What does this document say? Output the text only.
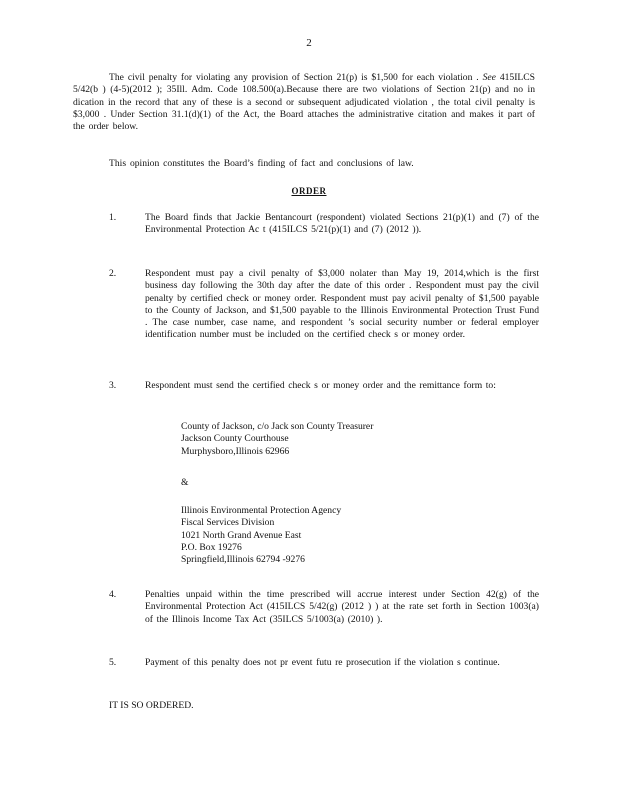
2
The civil penalty for violating any provision of Section 21(p) is $1,500 for each violation . See 415ILCS 5/42(b ) (4-5)(2012 ); 35Ill. Adm. Code 108.500(a).Because there are two violations of Section 21(p) and no in dication in the record that any of these is a second or subsequent adjudicated violation , the total civil penalty is $3,000 . Under Section 31.1(d)(1) of the Act, the Board attaches the administrative citation and makes it part of the order below.
This opinion constitutes the Board’s finding of fact and conclusions of law.
ORDER
1.	The Board finds that Jackie Bentancourt (respondent) violated Sections 21(p)(1) and (7) of the Environmental Protection Ac t (415ILCS 5/21(p)(1) and (7) (2012 )).
2.	Respondent must pay a civil penalty of $3,000 nolater than May 19, 2014,which is the first business day following the 30th day after the date of this order . Respondent must pay the civil penalty by certified check or money order. Respondent must pay acivil penalty of $1,500 payable to the County of Jackson, and $1,500 payable to the Illinois Environmental Protection Trust Fund . The case number, case name, and respondent ’s social security number or federal employer identification number must be included on the certified check s or money order.
3.	Respondent must send the certified check s or money order and the remittance form to:
County of Jackson, c/o Jack son County Treasurer
Jackson County Courthouse
Murphysboro,Illinois 62966
&
Illinois Environmental Protection Agency
Fiscal Services Division
1021 North Grand Avenue East
P.O. Box 19276
Springfield,Illinois 62794 -9276
4.	Penalties unpaid within the time prescribed will accrue interest under Section 42(g) of the Environmental Protection Act (415ILCS 5/42(g) (2012 ) ) at the rate set forth in Section 1003(a) of the Illinois Income Tax Act (35ILCS 5/1003(a) (2010) ).
5.	Payment of this penalty does not pr event futu re prosecution if the violation s continue.
IT IS SO ORDERED.
